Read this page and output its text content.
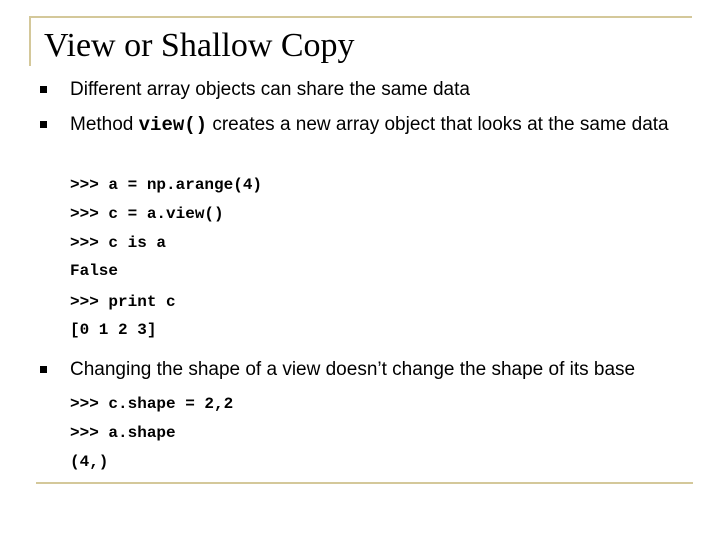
View or Shallow Copy
Different array objects can share the same data
Method view() creates a new array object that looks at the same data
>>> a = np.arange(4)
>>> c = a.view()
>>> c is a
False
>>> print c
[0 1 2 3]
Changing the shape of a view doesn’t change the shape of its base
>>> c.shape = 2,2
>>> a.shape
(4,)
